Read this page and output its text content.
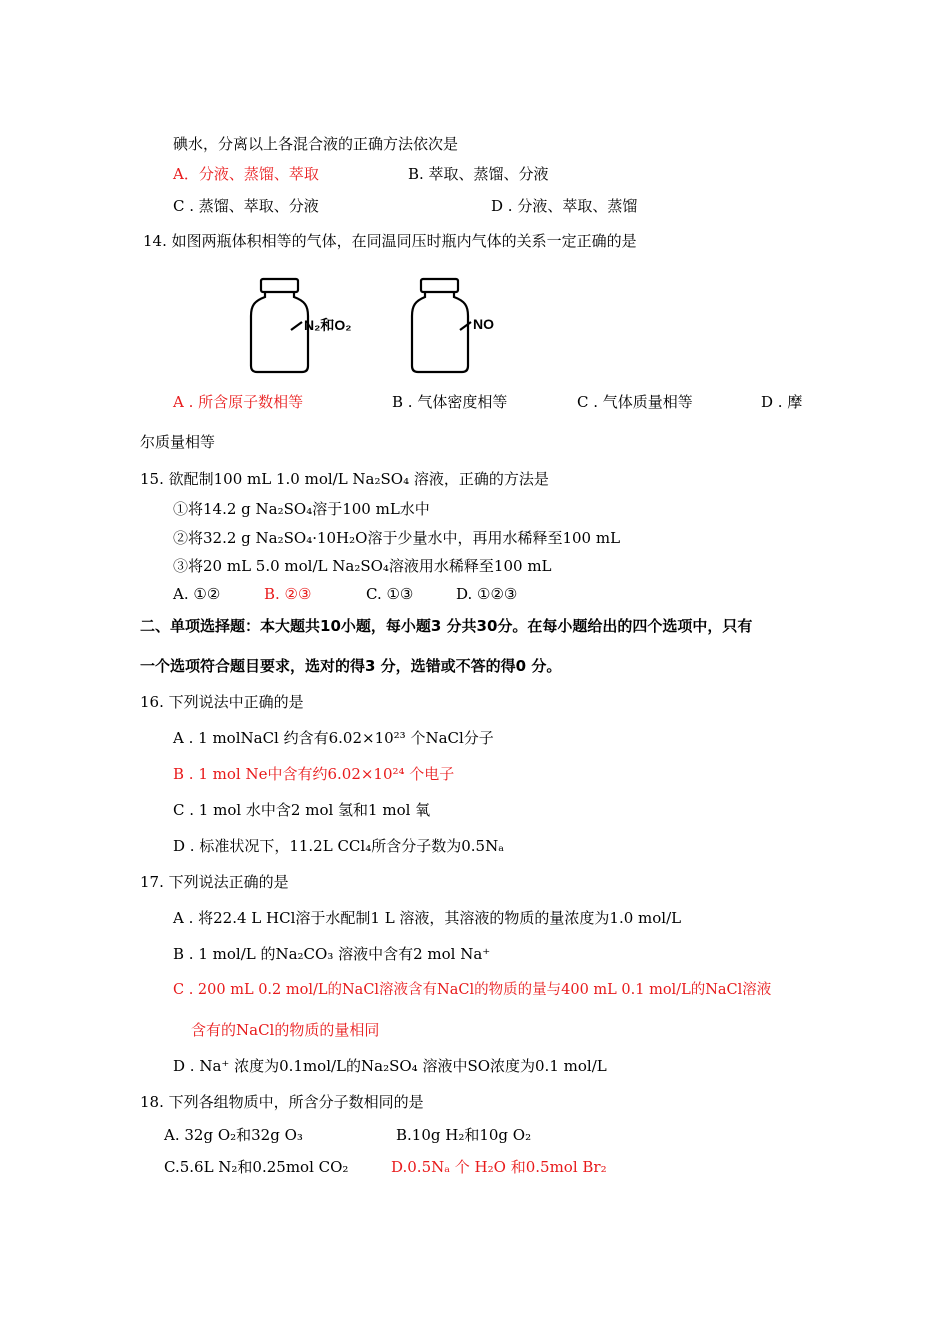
碘水，分离以上各混合液的正确方法依次是
A．分液、蒸馏、萃取	B. 萃取、蒸馏、分液
C . 蒸馏、萃取、分液	D . 分液、萃取、蒸馏
14. 如图两瓶体积相等的气体，在同温同压时瓶内气体的关系一定正确的是
N₂和O₂	NO
A . 所含原子数相等	B . 气体密度相等	C . 气体质量相等	D . 摩
尔质量相等
15. 欲配制100 mL 1.0 mol/L Na₂SO₄ 溶液，正确的方法是
①将14.2 g Na₂SO₄溶于100 mL水中
②将32.2 g Na₂SO₄·10H₂O溶于少量水中，再用水稀释至100 mL
③将20 mL 5.0 mol/L Na₂SO₄溶液用水稀释至100 mL
A. ①②	B. ②③	C. ①③	D. ①②③
二、单项选择题：本大题共10小题，每小题3 分共30分。在每小题给出的四个选项中，只有
一个选项符合题目要求，选对的得3 分，选错或不答的得0 分。
16. 下列说法中正确的是
A . 1 molNaCl 约含有6.02×10²³ 个NaCl分子
B . 1 mol Ne中含有约6.02×10²⁴ 个电子
C . 1 mol 水中含2 mol 氢和1 mol 氧
D . 标准状况下，11.2L CCl₄所含分子数为0.5Nₐ
17. 下列说法正确的是
A . 将22.4 L HCl溶于水配制1 L 溶液，其溶液的物质的量浓度为1.0 mol/L
B . 1 mol/L 的Na₂CO₃ 溶液中含有2 mol Na⁺
C . 200 mL 0.2 mol/L的NaCl溶液含有NaCl的物质的量与400 mL 0.1 mol/L的NaCl溶液
含有的NaCl的物质的量相同
D . Na⁺ 浓度为0.1mol/L的Na₂SO₄ 溶液中SO浓度为0.1 mol/L
18. 下列各组物质中，所含分子数相同的是
A. 32g O₂和32g O₃	B.10g H₂和10g O₂
C.5.6L N₂和0.25mol CO₂	D.0.5Nₐ 个 H₂O 和0.5mol Br₂
